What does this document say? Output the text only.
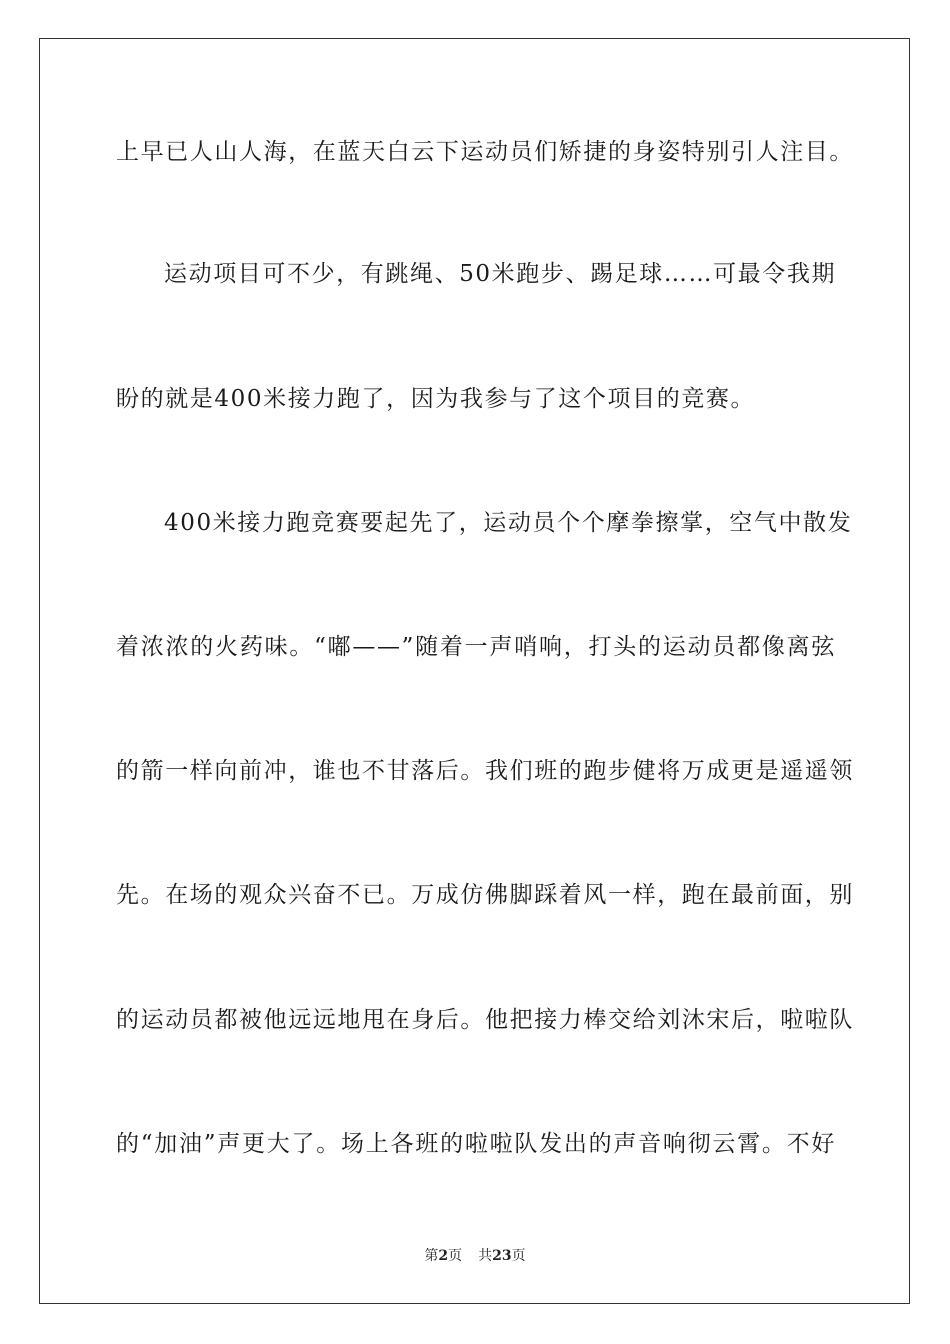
上早已人山人海，在蓝天白云下运动员们矫捷的身姿特别引人注目。
运动项目可不少，有跳绳、50米跑步、踢足球……可最令我期
盼的就是400米接力跑了，因为我参与了这个项目的竞赛。
400米接力跑竞赛要起先了，运动员个个摩拳擦掌，空气中散发
着浓浓的火药味。“嘟——”随着一声哨响，打头的运动员都像离弦
的箭一样向前冲，谁也不甘落后。我们班的跑步健将万成更是遥遥领
先。在场的观众兴奋不已。万成仿佛脚踩着风一样，跑在最前面，别
的运动员都被他远远地甩在身后。他把接力棒交给刘沐宋后，啦啦队
的“加油”声更大了。场上各班的啦啦队发出的声音响彻云霄。不好
第2页 共23页
